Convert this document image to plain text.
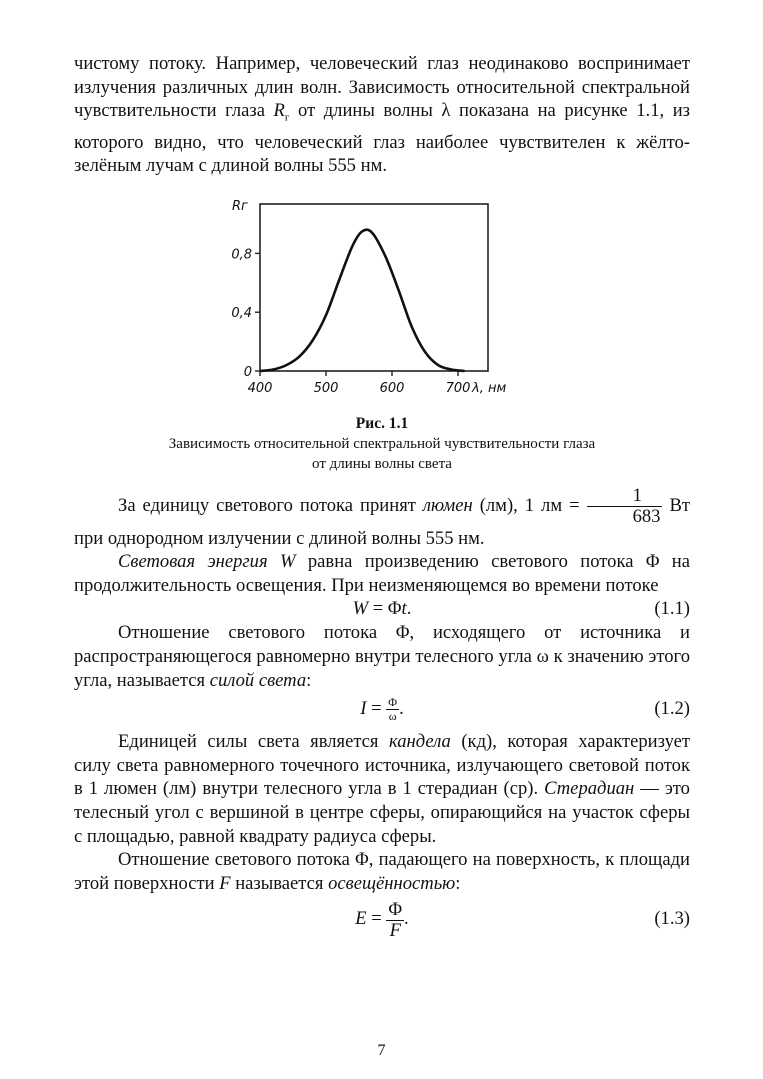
чистому потоку. Например, человеческий глаз неодинаково воспринимает излучения различных длин волн. Зависимость относительной спектральной чувствительности глаза $R_г$ от длины волны λ показана на рисунке 1.1, из которого видно, что человеческий глаз наиболее чувствителен к жёлто-зелёным лучам с длиной волны 555 нм.

0
0,4
0,8
400	500	600	700
Rг
λ, нм
Рис. 1.1
Зависимость относительной спектральной чувствительности глаза
от длины волны света

За единицу светового потока принят люмен (лм), 1 лм = $\frac{1}{683}$ Вт

при однородном излучении с длиной волны 555 нм.

Световая энергия W равна произведению светового потока Φ на продолжительность освещения. При неизменяющемся во времени потоке

W = Φt.	(1.1)

Отношение светового потока Φ, исходящего от источника и распространяющегося равномерно внутри телесного угла ω к значению этого угла, называется силой света:

$I = \frac{\Phi}{\omega}$ .	(1.2)

Единицей силы света является кандела (кд), которая характеризует силу света равномерного точечного источника, излучающего световой поток в 1 люмен (лм) внутри телесного угла в 1 стерадиан (ср). Стерадиан — это телесный угол с вершиной в центре сферы, опирающийся на участок сферы с площадью, равной квадрату радиуса сферы.

Отношение светового потока Φ, падающего на поверхность, к площади этой поверхности F называется освещённостью:

$E = \frac{\Phi}{F}$ .	(1.3)
7
